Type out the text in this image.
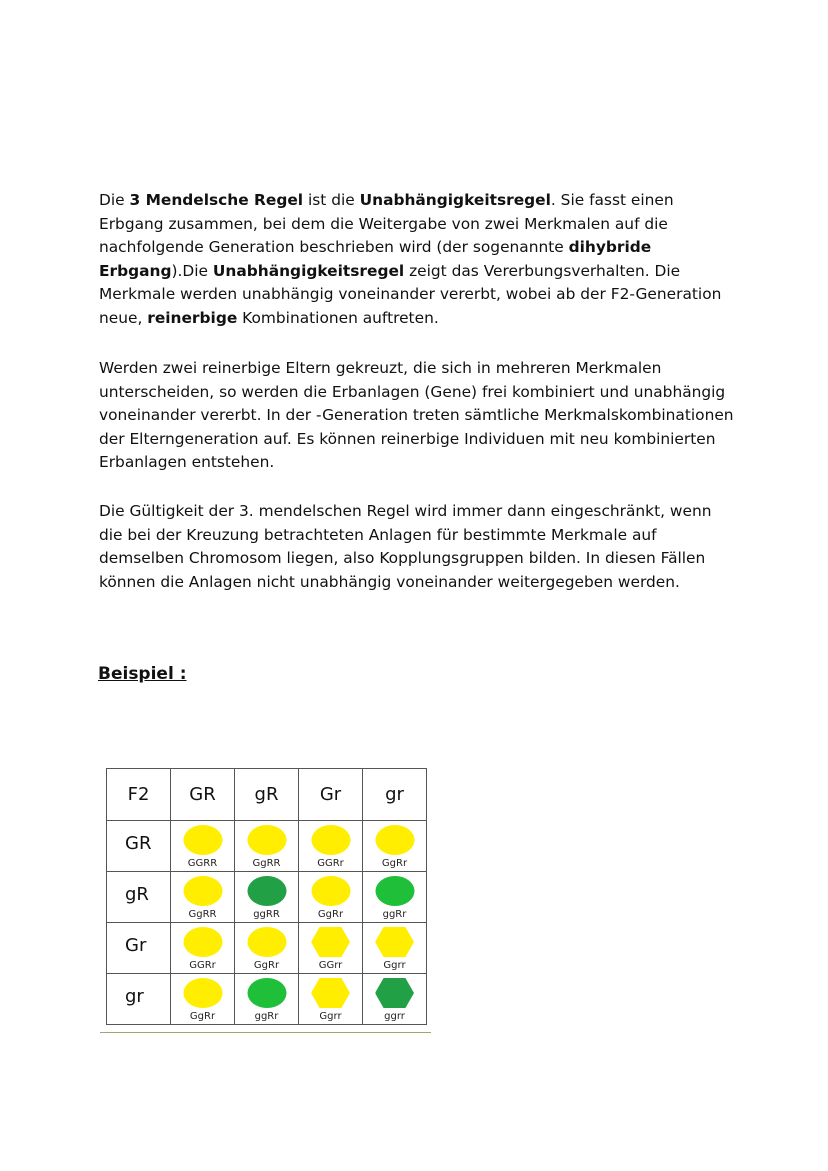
Die 3 Mendelsche Regel ist die Unabhängigkeitsregel. Sie fasst einen Erbgang zusammen, bei dem die Weitergabe von zwei Merkmalen auf die nachfolgende Generation beschrieben wird (der sogenannte dihybride
Erbgang).Die Unabhängigkeitsregel zeigt das Vererbungsverhalten. Die Merkmale werden unabhängig voneinander vererbt, wobei ab der F2-Generation neue, reinerbige Kombinationen auftreten.

Werden zwei reinerbige Eltern gekreuzt, die sich in mehreren Merkmalen unterscheiden, so werden die Erbanlagen (Gene) frei kombiniert und unabhängig voneinander vererbt. In der -Generation treten sämtliche Merkmalskombinationen der Elterngeneration auf. Es können reinerbige Individuen mit neu kombinierten Erbanlagen entstehen.

Die Gültigkeit der 3. mendelschen Regel wird immer dann eingeschränkt, wenn die bei der Kreuzung betrachteten Anlagen für bestimmte Merkmale auf demselben Chromosom liegen, also Kopplungsgruppen bilden. In diesen Fällen können die Anlagen nicht unabhängig voneinander weitergegeben werden.

Beispiel :
F2	GR	gR	Gr	gr

GR	GGRR	GgRR	GGRr	GgRr

gR	GgRR	ggRR	GgRr	ggRr

Gr	GGRr	GgRr	GGrr	Ggrr

gr	GgRr	ggRr	Ggrr	ggrr
